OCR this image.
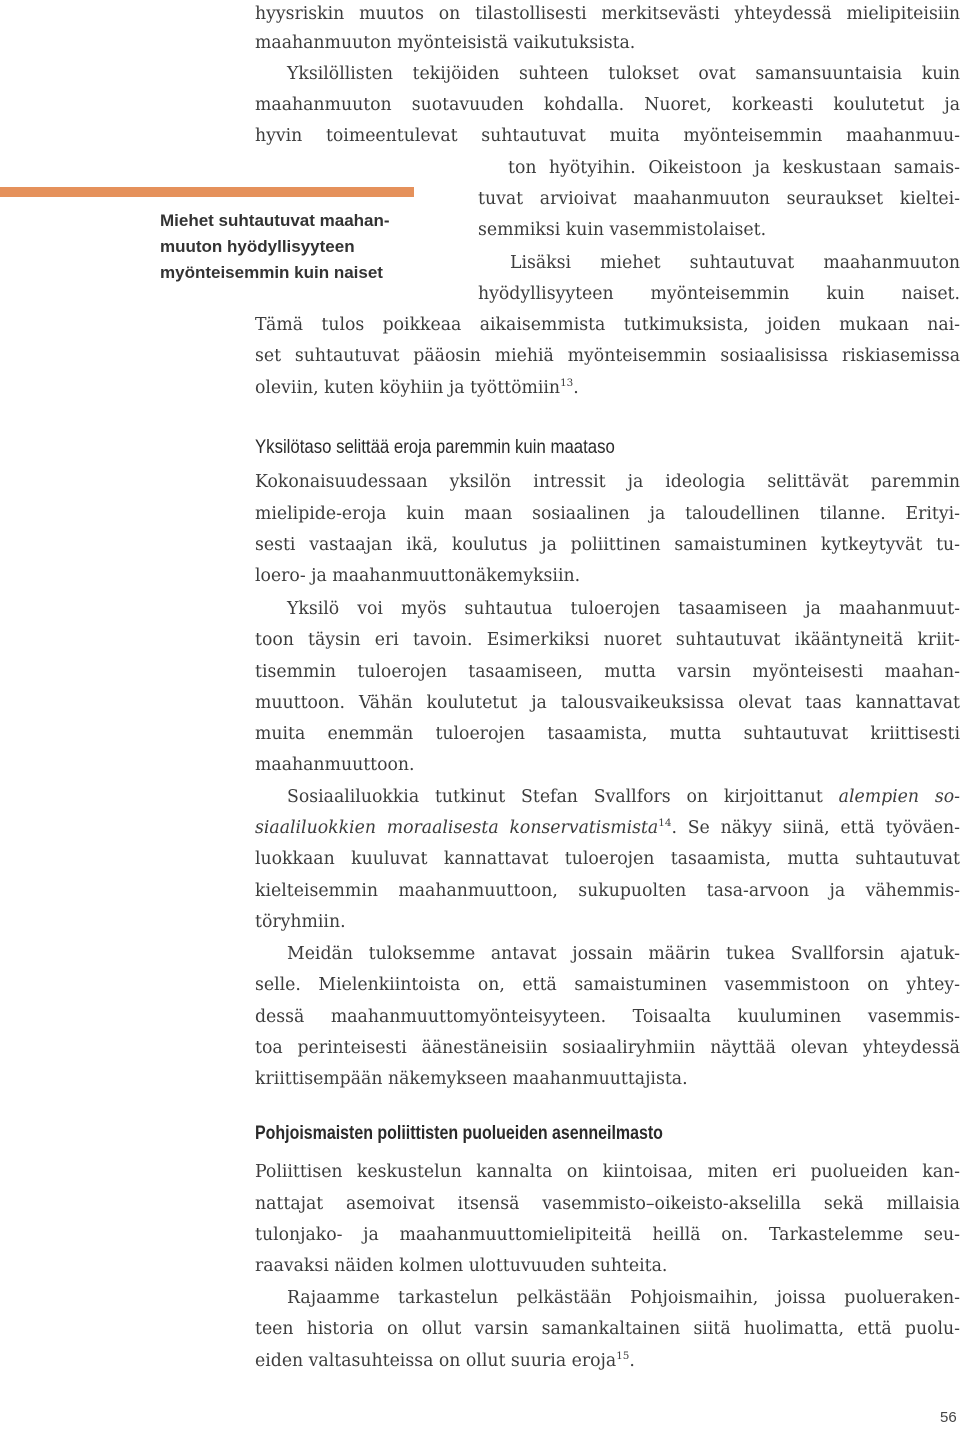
Miehet suhtautuvat maahan-
muuton hyödyllisyyteen
myönteisemmin kuin naiset
hyysriskin muutos on tilastollisesti merkitsevästi yhteydessä mielipiteisiin
maahanmuuton myönteisistä vaikutuksista.
Yksilöllisten tekijöiden suhteen tulokset ovat samansuuntaisia kuin
maahanmuuton suotavuuden kohdalla. Nuoret, korkeasti koulutetut ja
hyvin toimeentulevat suhtautuvat muita myönteisemmin maahanmuu-
ton hyötyihin. Oikeistoon ja keskustaan samais-
tuvat arvioivat maahanmuuton seuraukset kieltei-
semmiksi kuin vasemmistolaiset.
Lisäksi miehet suhtautuvat maahanmuuton
hyödyllisyyteen myönteisemmin kuin naiset.
Tämä tulos poikkeaa aikaisemmista tutkimuksista, joiden mukaan nai-
set suhtautuvat pääosin miehiä myönteisemmin sosiaalisissa riskiasemissa
oleviin, kuten köyhiin ja työttömiin$^{13}$.
Yksilötaso selittää eroja paremmin kuin maataso
Kokonaisuudessaan yksilön intressit ja ideologia selittävät paremmin
mielipide-eroja kuin maan sosiaalinen ja taloudellinen tilanne. Erityi-
sesti vastaajan ikä, koulutus ja poliittinen samaistuminen kytkeytyvät tu-
loero- ja maahanmuuttonäkemyksiin.
Yksilö voi myös suhtautua tuloerojen tasaamiseen ja maahanmuut-
toon täysin eri tavoin. Esimerkiksi nuoret suhtautuvat ikääntyneitä kriit-
tisemmin tuloerojen tasaamiseen, mutta varsin myönteisesti maahan-
muuttoon. Vähän koulutetut ja talousvaikeuksissa olevat taas kannattavat
muita enemmän tuloerojen tasaamista, mutta suhtautuvat kriittisesti
maahanmuuttoon.
Sosiaaliluokkia tutkinut Stefan Svallfors on kirjoittanut alempien so-
siaaliluokkien moraalisesta konservatismista$^{14}$. Se näkyy siinä, että työväen-
luokkaan kuuluvat kannattavat tuloerojen tasaamista, mutta suhtautuvat
kielteisemmin maahanmuuttoon, sukupuolten tasa-arvoon ja vähemmis-
töryhmiin.
Meidän tuloksemme antavat jossain määrin tukea Svallforsin ajatuk-
selle. Mielenkiintoista on, että samaistuminen vasemmistoon on yhtey-
dessä maahanmuuttomyönteisyyteen. Toisaalta kuuluminen vasemmis-
toa perinteisesti äänestäneisiin sosiaaliryhmiin näyttää olevan yhteydessä
kriittisempään näkemykseen maahanmuuttajista.
Pohjoismaisten poliittisten puolueiden asenneilmasto
Poliittisen keskustelun kannalta on kiintoisaa, miten eri puolueiden kan-
nattajat asemoivat itsensä vasemmisto–oikeisto-akselilla sekä millaisia
tulonjako- ja maahanmuuttomielipiteitä heillä on. Tarkastelemme seu-
raavaksi näiden kolmen ulottuvuuden suhteita.
Rajaamme tarkastelun pelkästään Pohjoismaihin, joissa puolueraken-
teen historia on ollut varsin samankaltainen siitä huolimatta, että puolu-
eiden valtasuhteissa on ollut suuria eroja$^{15}$.
56
